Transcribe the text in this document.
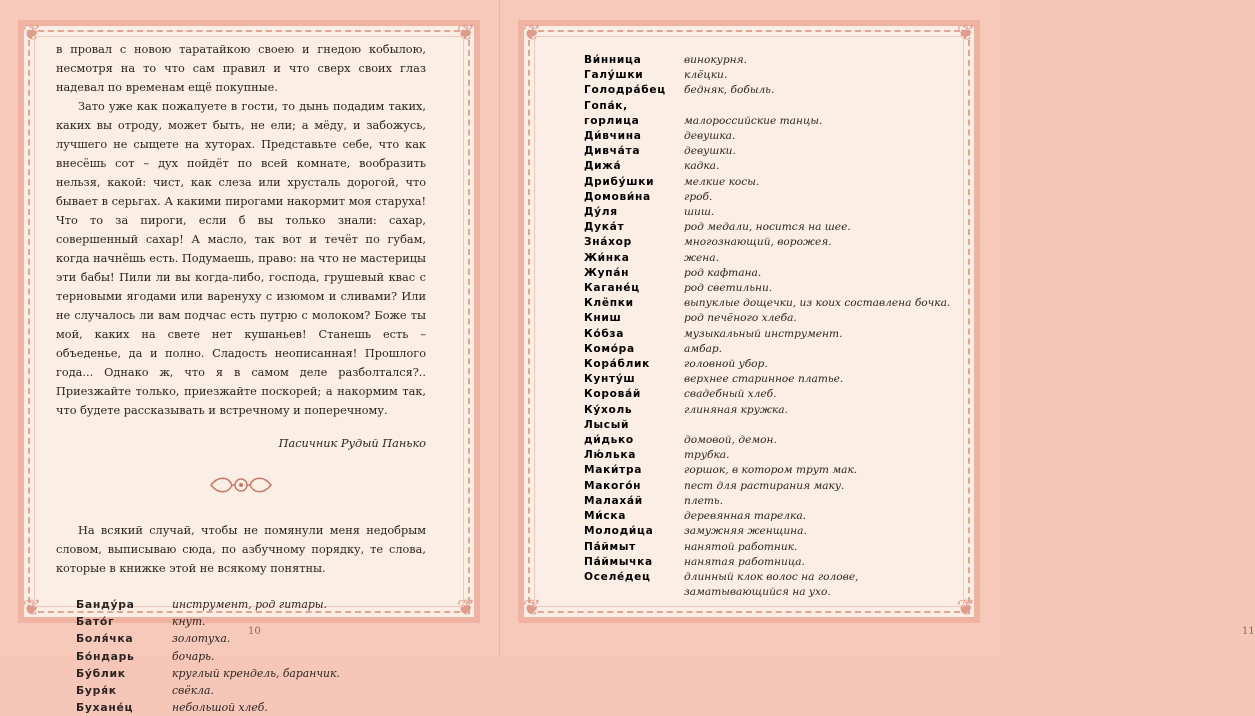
❦	❦
❦	❦

в провал с новою таратайкою своею и гнедою кобылою, несмотря на то что сам правил и что сверх своих глаз надевал по временам ещё покупные.

Зато уже как пожалуете в гости, то дынь подадим таких, каких вы отроду, может быть, не ели; а мёду, и забожусь, лучшего не сыщете на хуторах. Представьте себе, что как внесёшь сот – дух пойдёт по всей комнате, вообразить нельзя, какой: чист, как слеза или хрусталь дорогой, что бывает в серьгах. А какими пирогами накормит моя старуха! Что то за пироги, если б вы только знали: сахар, совершенный сахар! А масло, так вот и течёт по губам, когда начнёшь есть. Подумаешь, право: на что не мастерицы эти бабы! Пили ли вы когда-либо, господа, грушевый квас с терновыми ягодами или варенуху с изюмом и сливами? Или не случалось ли вам подчас есть путрю с молоком? Боже ты мой, каких на свете нет кушаньев! Станешь есть – объеденье, да и полно. Сладость неописанная! Прошлого года... Однако ж, что я в самом деле разболтался?.. Приезжайте только, приезжайте поскорей; а накормим так, что будете рассказывать и встречному и поперечному.

Пасичник Рудый Панько

На всякий случай, чтобы не помянули меня недобрым словом, выписываю сюда, по азбучному порядку, те слова, которые в книжке этой не всякому понятны.

Банду́ра	инструмент, род гитары.
Бато́г	кнут.
Боля́чка	золотуха.
Бо́ндарь	бочарь.
Бу́блик	круглый крендель, баранчик.
Буря́к	свёкла.
Бухане́ц	небольшой хлеб.
10
❦	❦
❦	❦
11
Ви́нница	винокурня.
Галу́шки	клёцки.
Голодра́бец	бедняк, бобыль.
Гопа́к,
горлица	малороссийские танцы.
Ди́вчина	девушка.
Дивча́та	девушки.
Дижа́	кадка.
Дрибу́шки	мелкие косы.
Домови́на	гроб.
Ду́ля	шиш.
Дука́т	род медали, носится на шее.
Зна́хор	многознающий, ворожея.
Жи́нка	жена.
Жупа́н	род кафтана.
Кагане́ц	род светильни.
Клёпки	выпуклые дощечки, из коих составлена бочка.
Книш	род печёного хлеба.
Ко́бза	музыкальный инструмент.
Комо́ра	амбар.
Кора́блик	головной убор.
Кунту́ш	верхнее старинное платье.
Корова́й	свадебный хлеб.
Ку́холь	глиняная кружка.
Лысый
ди́дько	домовой, демон.
Лю́лька	трубка.
Маки́тра	горшок, в котором трут мак.
Макого́н	пест для растирания маку.
Малаха́й	плеть.
Ми́ска	деревянная тарелка.
Молоди́ца	замужняя женщина.
Па́ймыт	нанятой работник.
Па́ймычка	нанятая работница.
Оселе́дец	длинный клок волос на голове,
заматывающийся на ухо.
